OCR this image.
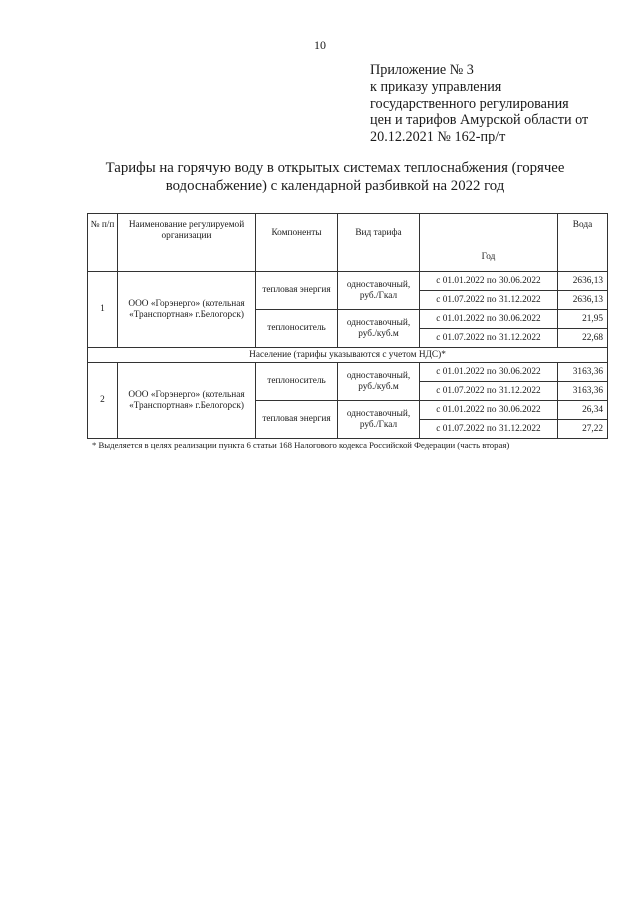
10
Приложение № 3
к приказу управления
государственного регулирования
цен и тарифов Амурской области от
20.12.2021 № 162-пр/т
Тарифы на горячую воду в открытых системах теплоснабжения (горячее
водоснабжение) с календарной разбивкой на 2022 год
№ п/п	Наименование регулируемой организации	Компоненты	Вид тарифа	Год	Вода
1	ООО «Горэнерго» (котельная «Транспортная» г.Белогорск)	тепловая энергия	одноставочный, руб./Гкал	с 01.01.2022 по 30.06.2022	2636,13
				с 01.07.2022 по 31.12.2022	2636,13
		теплоноситель	одноставочный, руб./куб.м	с 01.01.2022 по 30.06.2022	21,95
				с 01.07.2022 по 31.12.2022	22,68
Население (тарифы указываются с учетом НДС)*					
2	ООО «Горэнерго» (котельная «Транспортная» г.Белогорск)	теплоноситель	одноставочный, руб./куб.м	с 01.01.2022 по 30.06.2022	3163,36
				с 01.07.2022 по 31.12.2022	3163,36
		тепловая энергия	одноставочный, руб./Гкал	с 01.01.2022 по 30.06.2022	26,34
				с 01.07.2022 по 31.12.2022	27,22
* Выделяется в целях реализации пункта 6 статьи 168 Налогового кодекса Российской Федерации (часть вторая)
